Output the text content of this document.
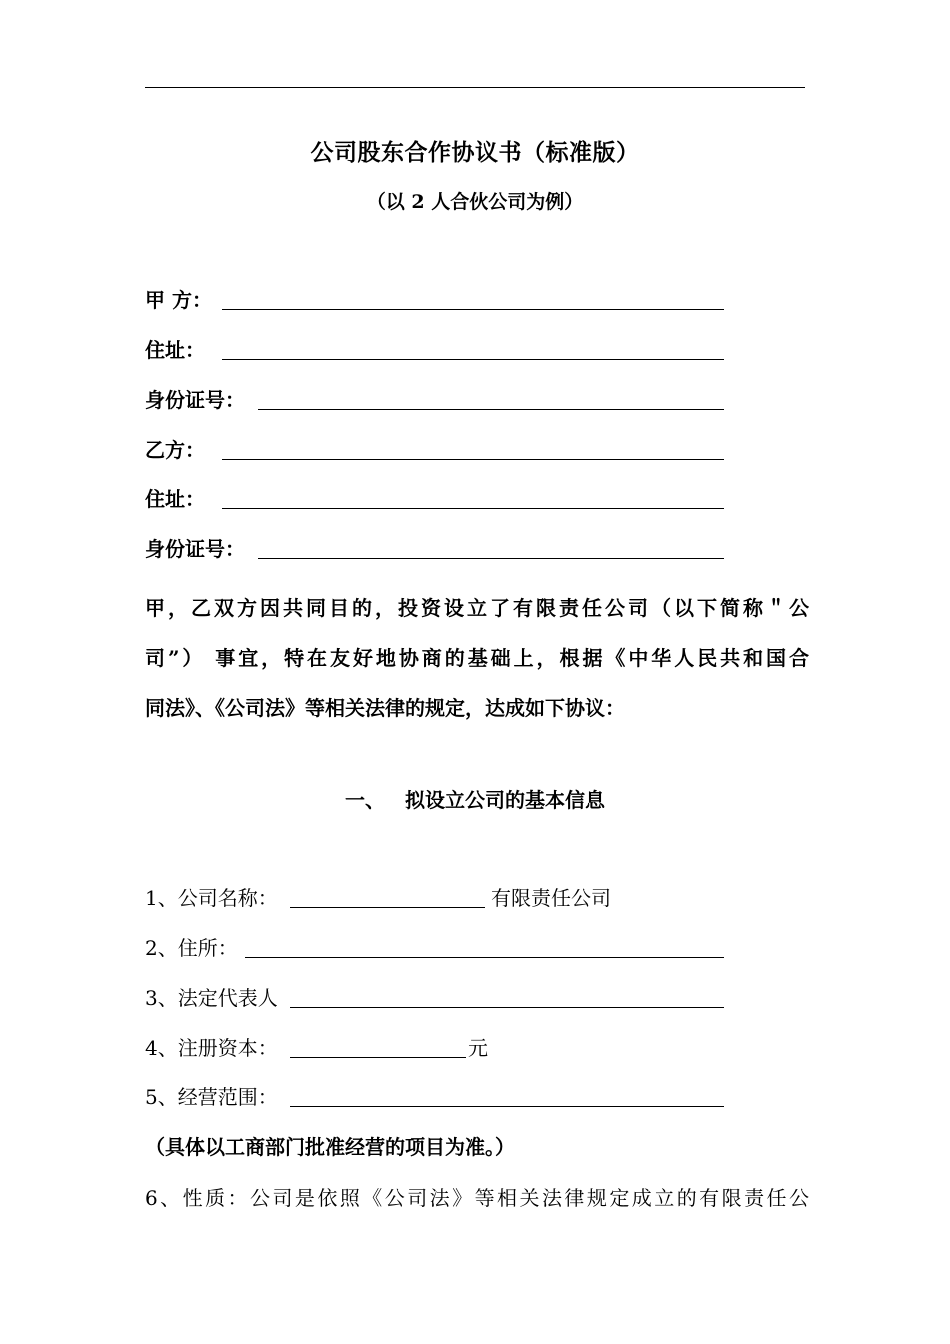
公司股东合作协议书（标准版）
（以 2 人合伙公司为例）
甲 方：
住址：
身份证号：
乙方：
住址：
身份证号：
甲，乙双方因共同目的，投资设立了有限责任公司（以下简称＂公
司”） 事宜，特在友好地协商的基础上，根据《中华人民共和国合
同法》、《公司法》等相关法律的规定，达成如下协议：
一、 拟设立公司的基本信息
1、公司名称：	有限责任公司
2、住所：
3、法定代表人
4、注册资本：	元
5、经营范围：
（具体以工商部门批准经营的项目为准。）
6、性质：公司是依照《公司法》等相关法律规定成立的有限责任公
